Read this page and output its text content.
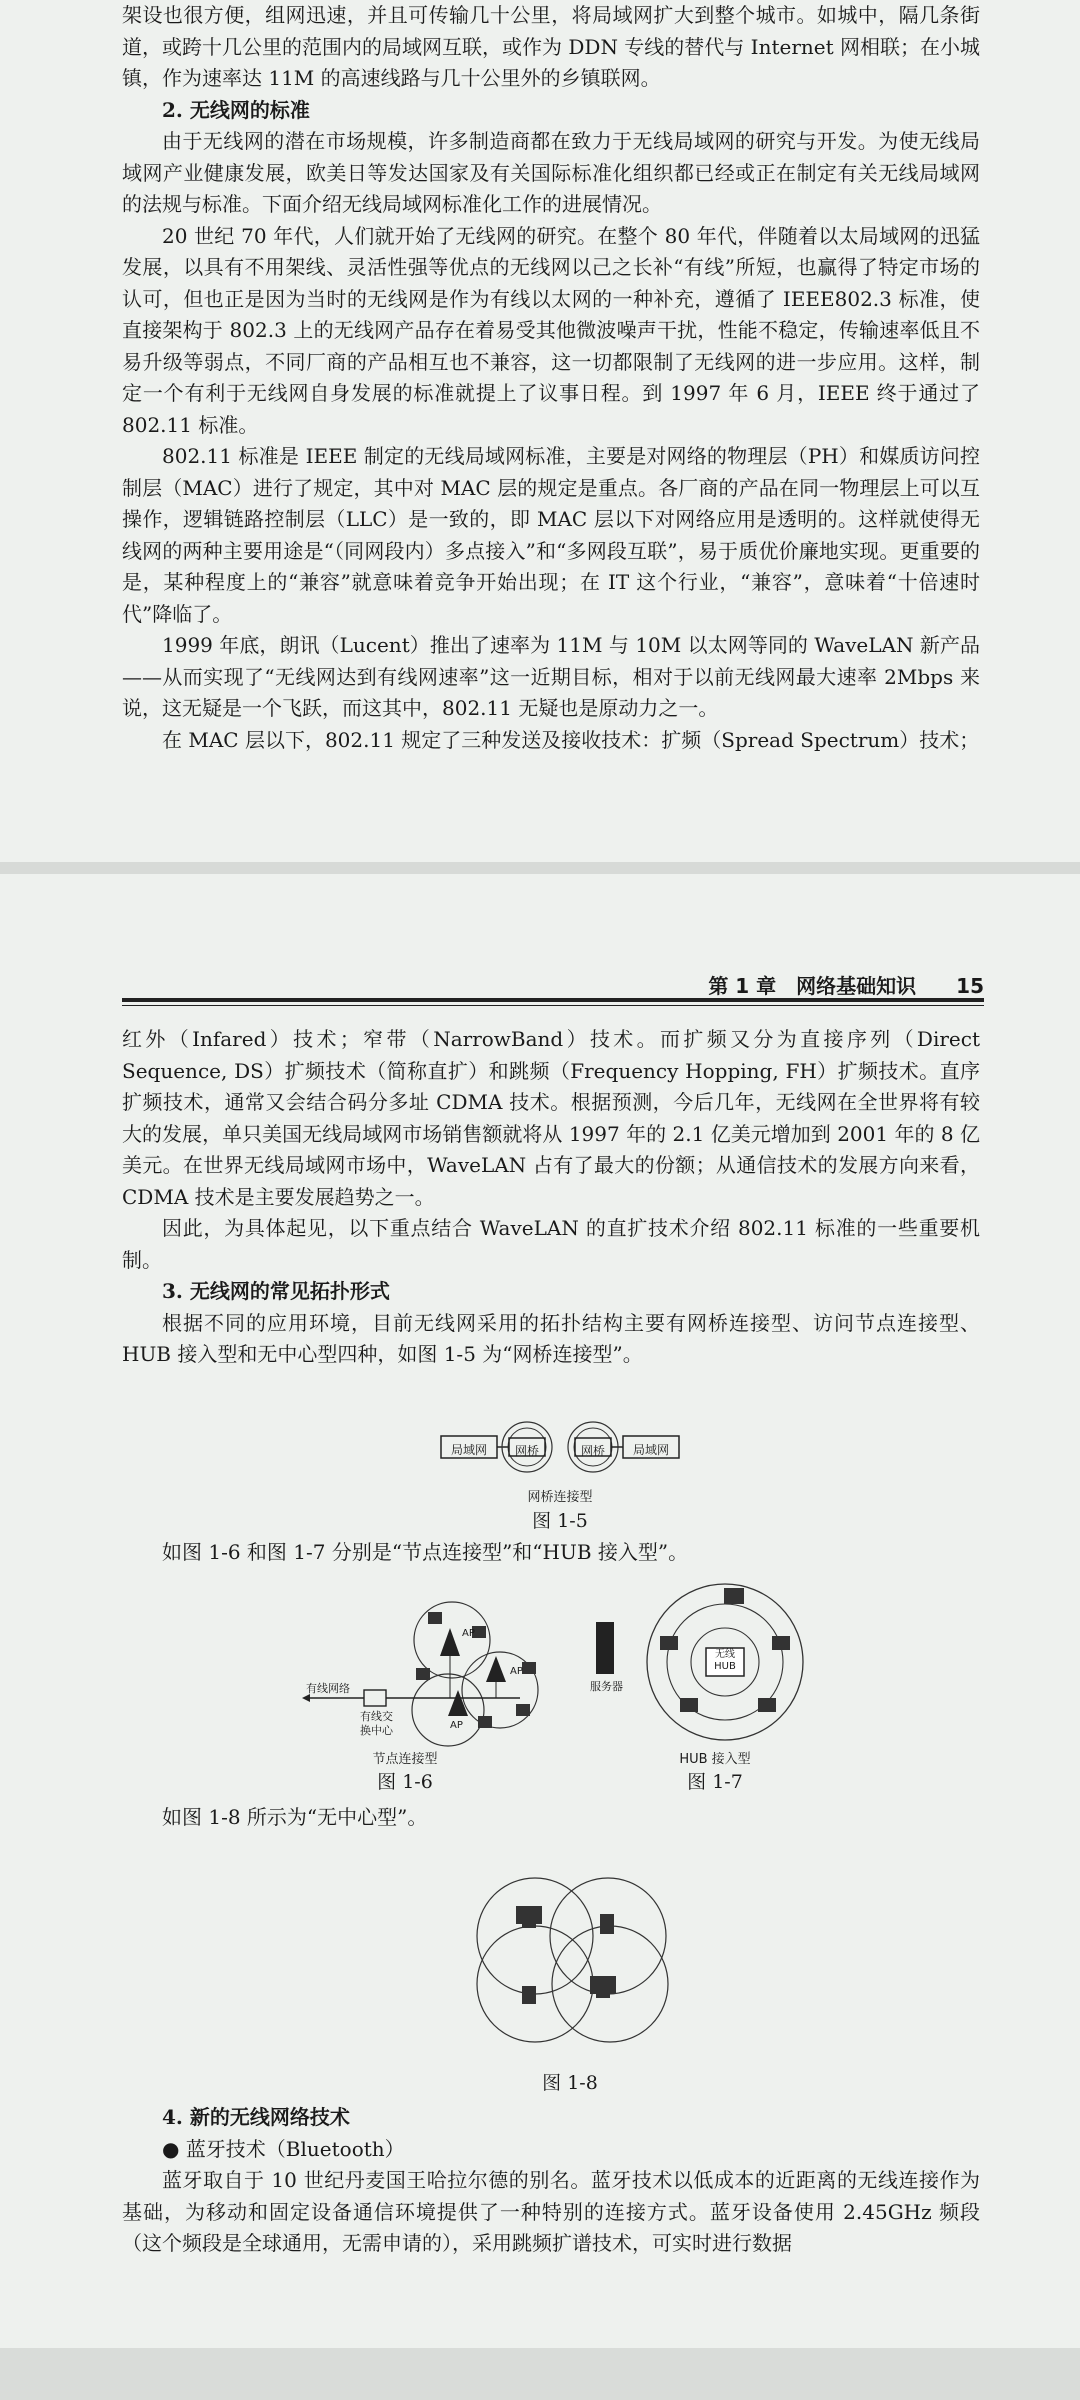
架设也很方便，组网迅速，并且可传输几十公里，将局域网扩大到整个城市。如城中，隔几条街道，或跨十几公里的范围内的局域网互联，或作为 DDN 专线的替代与 Internet 网相联；在小城镇，作为速率达 11M 的高速线路与几十公里外的乡镇联网。

2. 无线网的标准

由于无线网的潜在市场规模，许多制造商都在致力于无线局域网的研究与开发。为使无线局域网产业健康发展，欧美日等发达国家及有关国际标准化组织都已经或正在制定有关无线局域网的法规与标准。下面介绍无线局域网标准化工作的进展情况。

20 世纪 70 年代，人们就开始了无线网的研究。在整个 80 年代，伴随着以太局域网的迅猛发展，以具有不用架线、灵活性强等优点的无线网以己之长补“有线”所短，也赢得了特定市场的认可，但也正是因为当时的无线网是作为有线以太网的一种补充，遵循了 IEEE802.3 标准，使直接架构于 802.3 上的无线网产品存在着易受其他微波噪声干扰，性能不稳定，传输速率低且不易升级等弱点，不同厂商的产品相互也不兼容，这一切都限制了无线网的进一步应用。这样，制定一个有利于无线网自身发展的标准就提上了议事日程。到 1997 年 6 月，IEEE 终于通过了 802.11 标准。

802.11 标准是 IEEE 制定的无线局域网标准，主要是对网络的物理层（PH）和媒质访问控制层（MAC）进行了规定，其中对 MAC 层的规定是重点。各厂商的产品在同一物理层上可以互操作，逻辑链路控制层（LLC）是一致的，即 MAC 层以下对网络应用是透明的。这样就使得无线网的两种主要用途是“（同网段内）多点接入”和“多网段互联”，易于质优价廉地实现。更重要的是，某种程度上的“兼容”就意味着竞争开始出现；在 IT 这个行业，“兼容”，意味着“十倍速时代”降临了。

1999 年底，朗讯（Lucent）推出了速率为 11M 与 10M 以太网等同的 WaveLAN 新产品——从而实现了“无线网达到有线网速率”这一近期目标，相对于以前无线网最大速率 2Mbps 来说，这无疑是一个飞跃，而这其中，802.11 无疑也是原动力之一。

在 MAC 层以下，802.11 规定了三种发送及接收技术：扩频（Spread Spectrum）技术；

第 1 章　网络基础知识　　15

红外（Infared）技术；窄带（NarrowBand）技术。而扩频又分为直接序列（Direct Sequence, DS）扩频技术（简称直扩）和跳频（Frequency Hopping, FH）扩频技术。直序扩频技术，通常又会结合码分多址 CDMA 技术。根据预测，今后几年，无线网在全世界将有较大的发展，单只美国无线局域网市场销售额就将从 1997 年的 2.1 亿美元增加到 2001 年的 8 亿美元。在世界无线局域网市场中，WaveLAN 占有了最大的份额；从通信技术的发展方向来看，CDMA 技术是主要发展趋势之一。

因此，为具体起见，以下重点结合 WaveLAN 的直扩技术介绍 802.11 标准的一些重要机制。

3. 无线网的常见拓扑形式

根据不同的应用环境，目前无线网采用的拓扑结构主要有网桥连接型、访问节点连接型、HUB 接入型和无中心型四种，如图 1-5 为“网桥连接型”。

局域网	网桥	网桥	局域网
网桥连接型
图 1-5

如图 1-6 和图 1-7 分别是“节点连接型”和“HUB 接入型”。

有线网络
有线交
换中心
AP
AP
AP
节点连接型
图 1-6
无线
HUB
服务器
HUB 接入型
图 1-7

如图 1-8 所示为“无中心型”。

图 1-8

4. 新的无线网络技术

● 蓝牙技术（Bluetooth）

蓝牙取自于 10 世纪丹麦国王哈拉尔德的别名。蓝牙技术以低成本的近距离的无线连接作为基础，为移动和固定设备通信环境提供了一种特别的连接方式。蓝牙设备使用 2.45GHz 频段（这个频段是全球通用，无需申请的），采用跳频扩谱技术，可实时进行数据
